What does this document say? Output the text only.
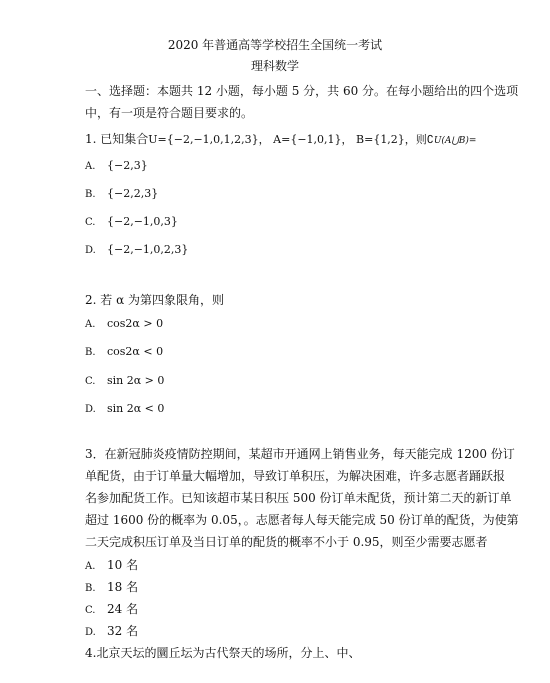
2020 年普通高等学校招生全国统一考试
理科数学
一、选择题：本题共 12 小题，每小题 5 分，共 60 分。在每小题给出的四个选项
中，有一项是符合题目要求的。
1. 已知集合U={−2,−1,0,1,2,3}， A={−1,0,1}， B={1,2}，则∁U(A⋃B)=
A. {−2,3}
B. {−2,2,3}
C. {−2,−1,0,3}
D. {−2,−1,0,2,3}
2. 若 α 为第四象限角，则
A. cos2α > 0
B. cos2α < 0
C. sin 2α > 0
D. sin 2α < 0
3．在新冠肺炎疫情防控期间，某超市开通网上销售业务，每天能完成 1200 份订
单配货，由于订单量大幅增加，导致订单积压，为解决困难，许多志愿者踊跃报
名参加配货工作。已知该超市某日积压 500 份订单未配货，预计第二天的新订单
超过 1600 份的概率为 0.05，。志愿者每人每天能完成 50 份订单的配货，为使第
二天完成积压订单及当日订单的配货的概率不小于 0.95，则至少需要志愿者
A. 10 名
B. 18 名
C. 24 名
D. 32 名
4.北京天坛的圜丘坛为古代祭天的场所，分上、中、
